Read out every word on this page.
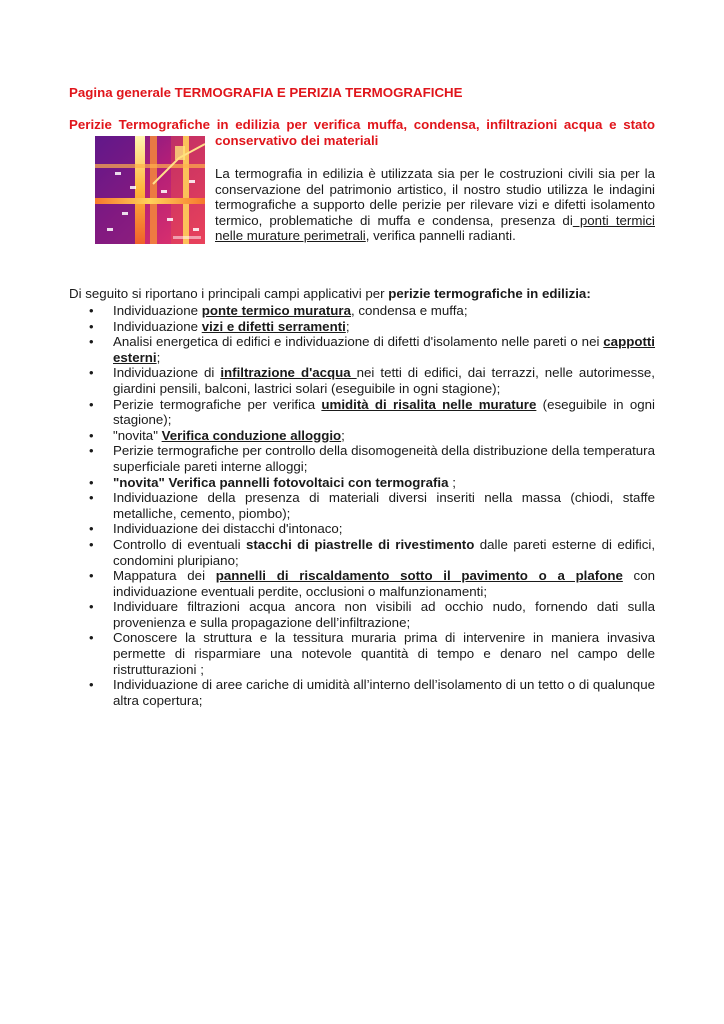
Pagina generale TERMOGRAFIA E PERIZIA TERMOGRAFICHE
Perizie Termografiche in edilizia per verifica muffa, condensa, infiltrazioni acqua e stato
conservativo dei materiali
La termografia in edilizia è utilizzata sia per le costruzioni civili sia per la conservazione del patrimonio artistico, il nostro studio utilizza le indagini termografiche a supporto delle perizie per rilevare vizi e difetti isolamento termico, problematiche di muffa e condensa, presenza di ponti termici nelle murature perimetrali, verifica pannelli radianti.
Di seguito si riportano i principali campi applicativi per perizie termografiche in edilizia:
• Individuazione ponte termico muratura, condensa e muffa;
• Individuazione vizi e difetti serramenti;
• Analisi energetica di edifici e individuazione di difetti d'isolamento nelle pareti o nei cappotti esterni;
• Individuazione di infiltrazione d'acqua nei tetti di edifici, dai terrazzi, nelle autorimesse, giardini pensili, balconi, lastrici solari (eseguibile in ogni stagione);
• Perizie termografiche per verifica umidità di risalita nelle murature (eseguibile in ogni stagione);
• "novita" Verifica conduzione alloggio;
• Perizie termografiche per controllo della disomogeneità della distribuzione della temperatura superficiale pareti interne alloggi;
• "novita" Verifica pannelli fotovoltaici con termografia ;
• Individuazione della presenza di materiali diversi inseriti nella massa (chiodi, staffe metalliche, cemento, piombo);
• Individuazione dei distacchi d'intonaco;
• Controllo di eventuali stacchi di piastrelle di rivestimento dalle pareti esterne di edifici, condomini pluripiano;
• Mappatura dei pannelli di riscaldamento sotto il pavimento o a plafone con individuazione eventuali perdite, occlusioni o malfunzionamenti;
• Individuare filtrazioni acqua ancora non visibili ad occhio nudo, fornendo dati sulla provenienza e sulla propagazione dell’infiltrazione;
• Conoscere la struttura e la tessitura muraria prima di intervenire in maniera invasiva permette di risparmiare una notevole quantità di tempo e denaro nel campo delle ristrutturazioni ;
• Individuazione di aree cariche di umidità all’interno dell’isolamento di un tetto o di qualunque altra copertura;
